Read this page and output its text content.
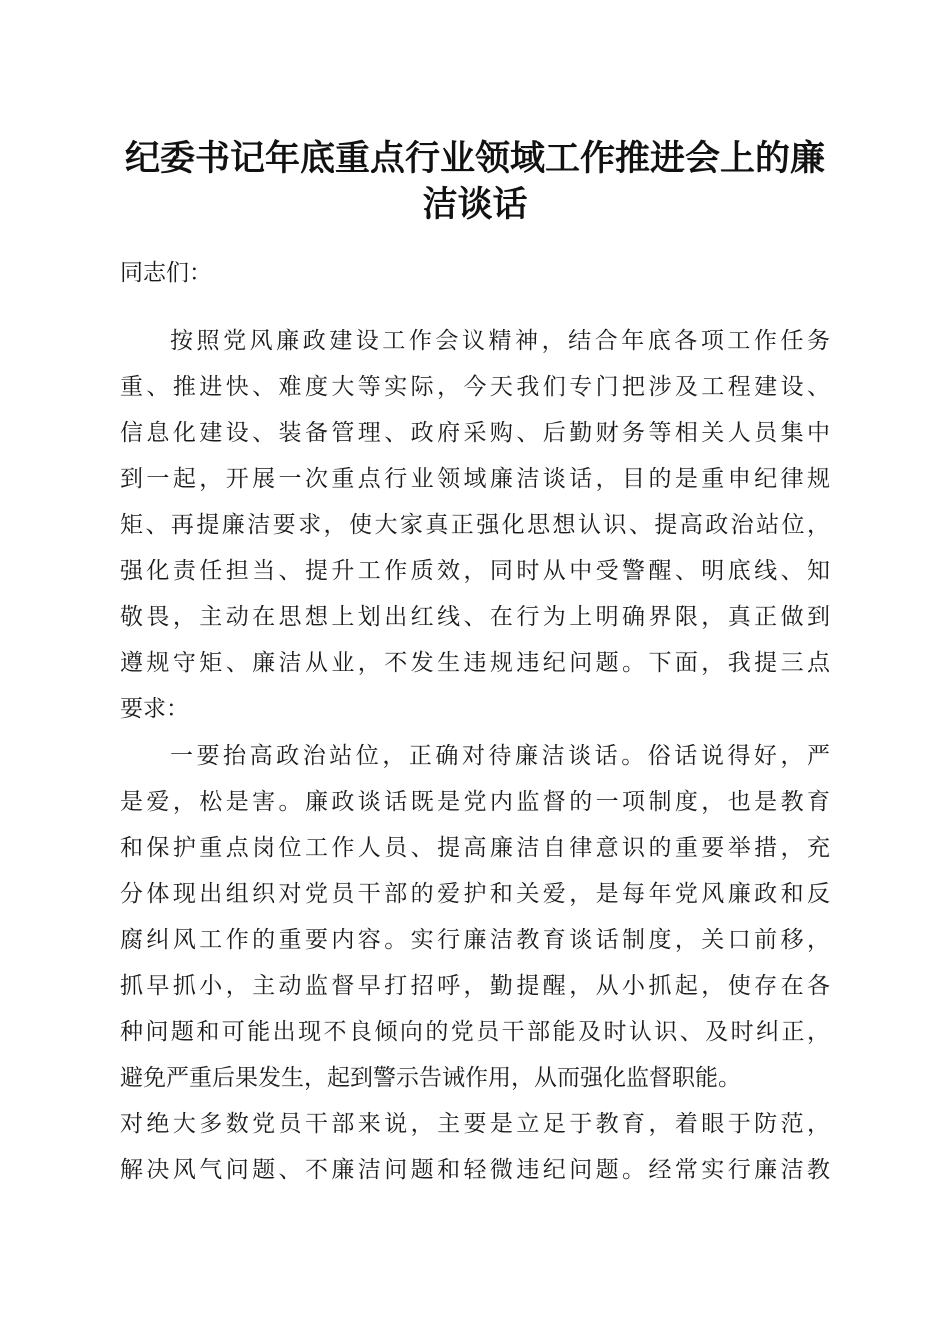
纪委书记年底重点行业领域工作推进会上的廉
洁谈话
同志们：
按照党风廉政建设工作会议精神，结合年底各项工作任务
重、推进快、难度大等实际，今天我们专门把涉及工程建设、
信息化建设、装备管理、政府采购、后勤财务等相关人员集中
到一起，开展一次重点行业领域廉洁谈话，目的是重申纪律规
矩、再提廉洁要求，使大家真正强化思想认识、提高政治站位，
强化责任担当、提升工作质效，同时从中受警醒、明底线、知
敬畏，主动在思想上划出红线、在行为上明确界限，真正做到
遵规守矩、廉洁从业，不发生违规违纪问题。下面，我提三点
要求：
一要抬高政治站位，正确对待廉洁谈话。俗话说得好，严
是爱，松是害。廉政谈话既是党内监督的一项制度，也是教育
和保护重点岗位工作人员、提高廉洁自律意识的重要举措，充
分体现出组织对党员干部的爱护和关爱，是每年党风廉政和反
腐纠风工作的重要内容。实行廉洁教育谈话制度，关口前移，
抓早抓小，主动监督早打招呼，勤提醒，从小抓起，使存在各
种问题和可能出现不良倾向的党员干部能及时认识、及时纠正，
避免严重后果发生，起到警示告诫作用，从而强化监督职能。
对绝大多数党员干部来说，主要是立足于教育，着眼于防范，
解决风气问题、不廉洁问题和轻微违纪问题。经常实行廉洁教
